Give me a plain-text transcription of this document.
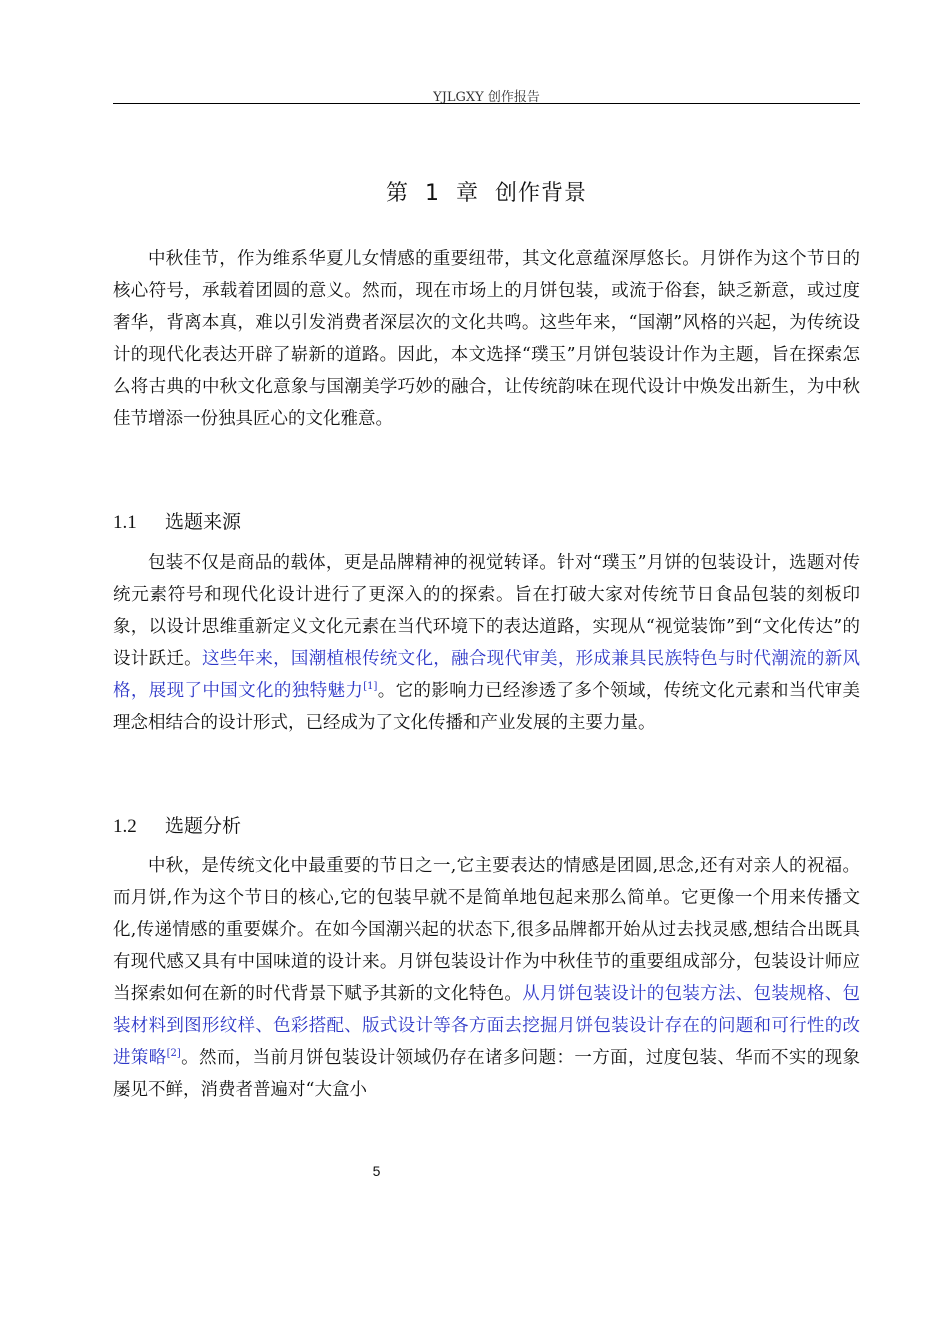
YJLGXY 创作报告
第  1  章  创作背景

中秋佳节，作为维系华夏儿女情感的重要纽带，其文化意蕴深厚悠长。月饼作为这个节日的核心符号，承载着团圆的意义。然而，现在市场上的月饼包装，或流于俗套，缺乏新意，或过度奢华，背离本真，难以引发消费者深层次的文化共鸣。这些年来，“国潮”风格的兴起，为传统设计的现代化表达开辟了崭新的道路。因此，本文选择“璞玉”月饼包装设计作为主题，旨在探索怎么将古典的中秋文化意象与国潮美学巧妙的融合，让传统韵味在现代设计中焕发出新生，为中秋佳节增添一份独具匠心的文化雅意。

1.1 选题来源

包装不仅是商品的载体，更是品牌精神的视觉转译。针对“璞玉”月饼的包装设计，选题对传统元素符号和现代化设计进行了更深入的的探索。旨在打破大家对传统节日食品包装的刻板印象，以设计思维重新定义文化元素在当代环境下的表达道路，实现从“视觉装饰”到“文化传达”的设计跃迁。这些年来，国潮植根传统文化，融合现代审美，形成兼具民族特色与时代潮流的新风格，展现了中国文化的独特魅力[1]。它的影响力已经渗透了多个领域，传统文化元素和当代审美理念相结合的设计形式，已经成为了文化传播和产业发展的主要力量。

1.2 选题分析

中秋，是传统文化中最重要的节日之一,它主要表达的情感是团圆,思念,还有对亲人的祝福。而月饼,作为这个节日的核心,它的包装早就不是简单地包起来那么简单。它更像一个用来传播文化,传递情感的重要媒介。在如今国潮兴起的状态下,很多品牌都开始从过去找灵感,想结合出既具有现代感又具有中国味道的设计来。月饼包装设计作为中秋佳节的重要组成部分，包装设计师应当探索如何在新的时代背景下赋予其新的文化特色。从月饼包装设计的包装方法、包装规格、包装材料到图形纹样、色彩搭配、版式设计等各方面去挖掘月饼包装设计存在的问题和可行性的改进策略[2]。然而，当前月饼包装设计领域仍存在诸多问题：一方面，过度包装、华而不实的现象屡见不鲜，消费者普遍对“大盒小

5
